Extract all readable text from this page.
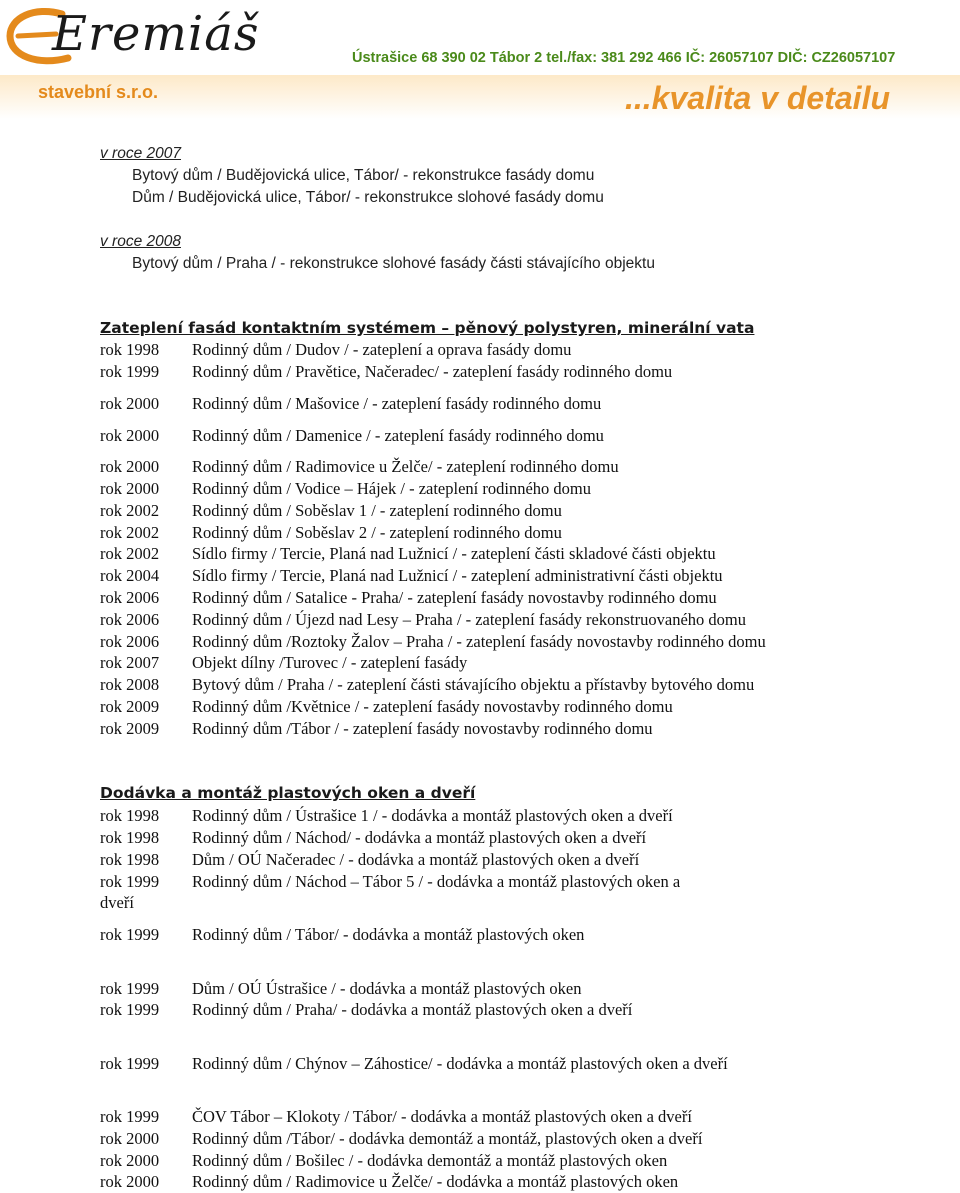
Eremiáš
stavební s.r.o.
Ústrašice 68 390 02 Tábor 2 tel./fax: 381 292 466 IČ: 26057107 DIČ: CZ26057107
...kvalita v detailu
v roce 2007
Bytový dům / Budějovická ulice, Tábor/ - rekonstrukce fasády domu
Dům / Budějovická ulice, Tábor/ - rekonstrukce slohové fasády domu
v roce 2008
Bytový dům / Praha / - rekonstrukce slohové fasády části stávajícího objektu
Zateplení fasád kontaktním systémem – pěnový polystyren, minerální vata
rok 1998 Rodinný dům / Dudov / - zateplení a oprava fasády domu
rok 1999 Rodinný dům / Pravětice, Načeradec/ - zateplení fasády rodinného domu
rok 2000 Rodinný dům / Mašovice / - zateplení fasády rodinného domu
rok 2000 Rodinný dům / Damenice / - zateplení fasády rodinného domu
rok 2000 Rodinný dům / Radimovice u Želče/ - zateplení rodinného domu
rok 2000 Rodinný dům / Vodice – Hájek / - zateplení rodinného domu
rok 2002 Rodinný dům / Soběslav 1 / - zateplení rodinného domu
rok 2002 Rodinný dům / Soběslav 2 / - zateplení rodinného domu
rok 2002 Sídlo firmy / Tercie, Planá nad Lužnicí / - zateplení části skladové části objektu
rok 2004 Sídlo firmy / Tercie, Planá nad Lužnicí / - zateplení administrativní části objektu
rok 2006 Rodinný dům / Satalice - Praha/ - zateplení fasády novostavby rodinného domu
rok 2006 Rodinný dům / Újezd nad Lesy – Praha / - zateplení fasády rekonstruovaného domu
rok 2006 Rodinný dům /Roztoky Žalov – Praha / - zateplení fasády novostavby rodinného domu
rok 2007 Objekt dílny /Turovec / - zateplení fasády
rok 2008 Bytový dům / Praha / - zateplení části stávajícího objektu a přístavby bytového domu
rok 2009 Rodinný dům /Květnice / - zateplení fasády novostavby rodinného domu
rok 2009 Rodinný dům /Tábor / - zateplení fasády novostavby rodinného domu
Dodávka a montáž plastových oken a dveří
rok 1998 Rodinný dům / Ústrašice 1 / - dodávka a montáž plastových oken a dveří
rok 1998 Rodinný dům / Náchod/ - dodávka a montáž plastových oken a dveří
rok 1998 Dům / OÚ Načeradec / - dodávka a montáž plastových oken a dveří
rok 1999 Rodinný dům / Náchod – Tábor 5 / - dodávka a montáž plastových oken a
dveří
rok 1999 Rodinný dům / Tábor/ - dodávka a montáž plastových oken
rok 1999 Dům / OÚ Ústrašice / - dodávka a montáž plastových oken
rok 1999 Rodinný dům / Praha/ - dodávka a montáž plastových oken a dveří
rok 1999 Rodinný dům / Chýnov – Záhostice/ - dodávka a montáž plastových oken a dveří
rok 1999 ČOV Tábor – Klokoty / Tábor/ - dodávka a montáž plastových oken a dveří
rok 2000 Rodinný dům /Tábor/ - dodávka demontáž a montáž, plastových oken a dveří
rok 2000 Rodinný dům / Bošilec / - dodávka demontáž a montáž plastových oken
rok 2000 Rodinný dům / Radimovice u Želče/ - dodávka a montáž plastových oken
